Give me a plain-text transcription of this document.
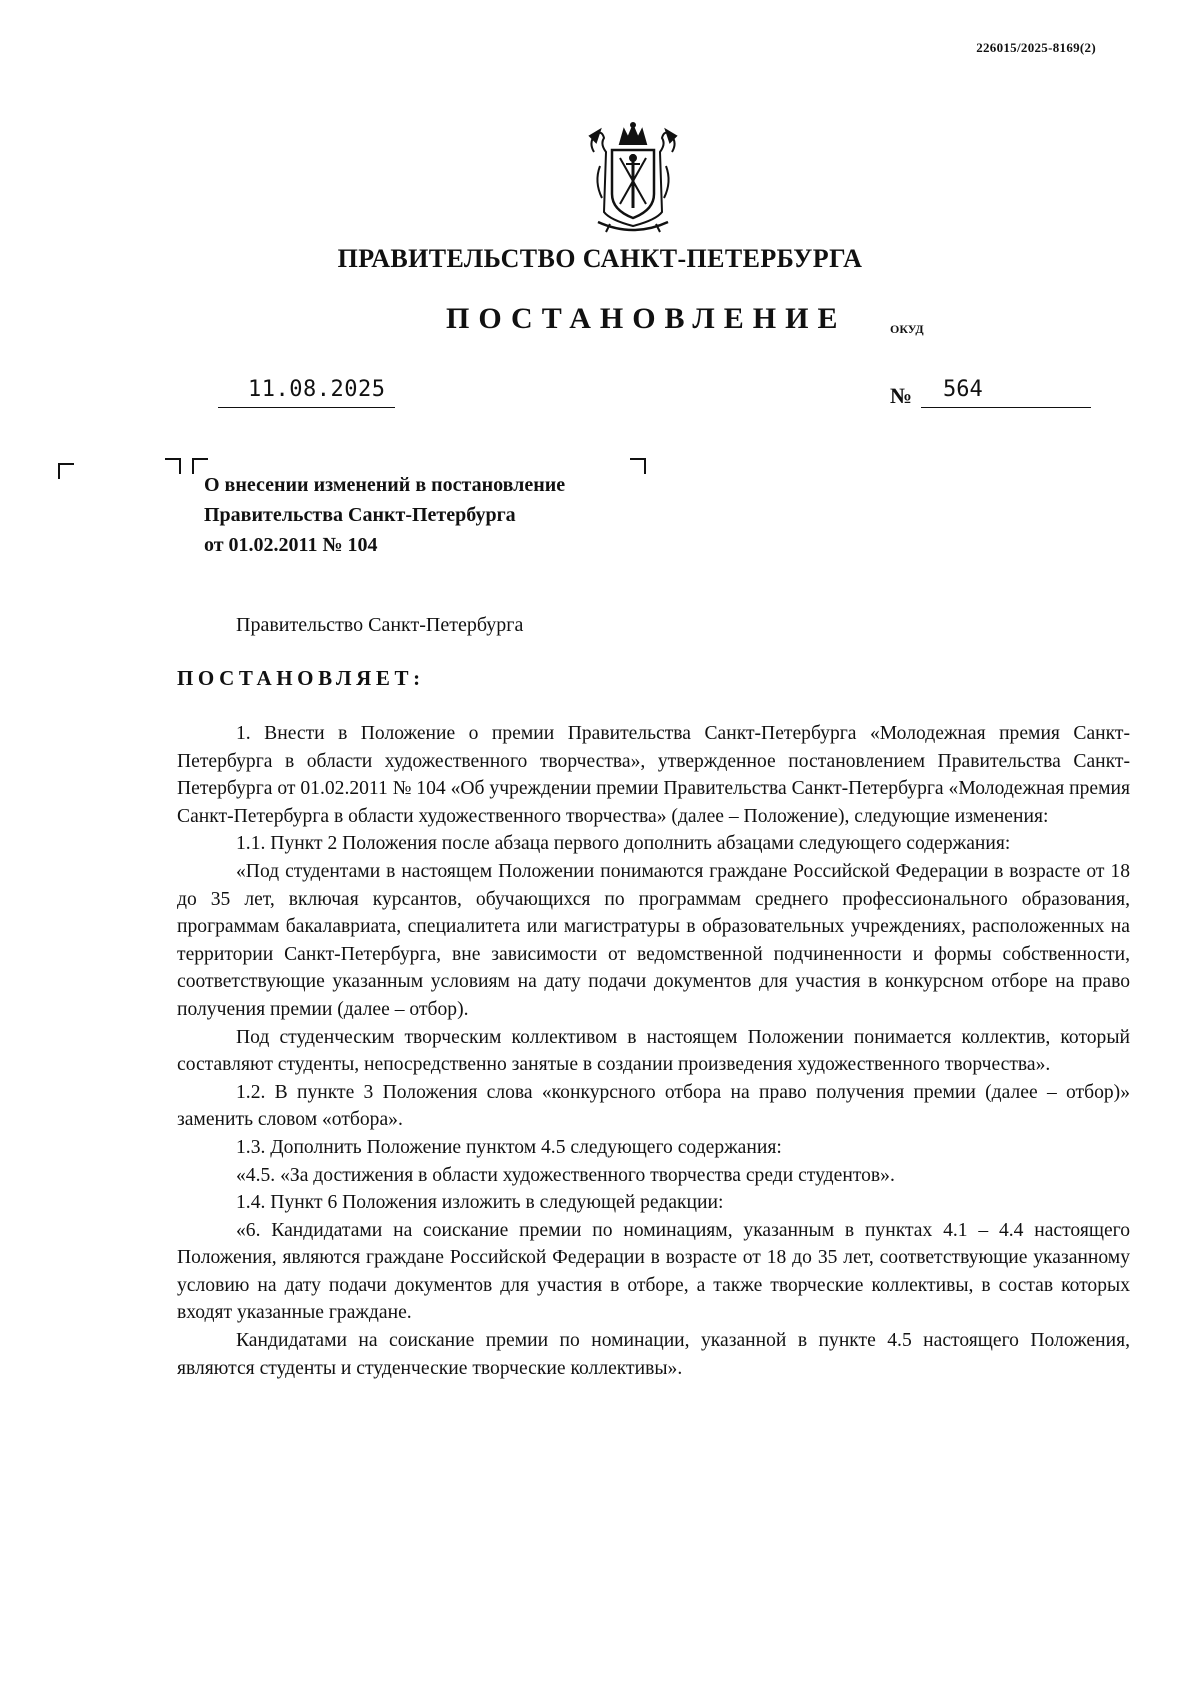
226015/2025-8169(2)
ПРАВИТЕЛЬСТВО САНКТ-ПЕТЕРБУРГА
ПОСТАНОВЛЕНИЕ	ОКУД
11.08.2025	№ 564
О внесении изменений в постановление
Правительства Санкт-Петербурга
от 01.02.2011 № 104
Правительство Санкт-Петербурга
ПОСТАНОВЛЯЕТ:

1. Внести в Положение о премии Правительства Санкт-Петербурга «Молодежная премия Санкт-Петербурга в области художественного творчества», утвержденное постановлением Правительства Санкт-Петербурга от 01.02.2011 № 104 «Об учреждении премии Правительства Санкт-Петербурга «Молодежная премия Санкт-Петербурга в области художественного творчества» (далее – Положение), следующие изменения:

1.1. Пункт 2 Положения после абзаца первого дополнить абзацами следующего содержания:

«Под студентами в настоящем Положении понимаются граждане Российской Федерации в возрасте от 18 до 35 лет, включая курсантов, обучающихся по программам среднего профессионального образования, программам бакалавриата, специалитета или магистратуры в образовательных учреждениях, расположенных на территории Санкт-Петербурга, вне зависимости от ведомственной подчиненности и формы собственности, соответствующие указанным условиям на дату подачи документов для участия в конкурсном отборе на право получения премии (далее – отбор).

Под студенческим творческим коллективом в настоящем Положении понимается коллектив, который составляют студенты, непосредственно занятые в создании произведения художественного творчества».

1.2. В пункте 3 Положения слова «конкурсного отбора на право получения премии (далее – отбор)» заменить словом «отбора».

1.3. Дополнить Положение пунктом 4.5 следующего содержания:

«4.5. «За достижения в области художественного творчества среди студентов».

1.4. Пункт 6 Положения изложить в следующей редакции:

«6. Кандидатами на соискание премии по номинациям, указанным в пунктах 4.1 – 4.4 настоящего Положения, являются граждане Российской Федерации в возрасте от 18 до 35 лет, соответствующие указанному условию на дату подачи документов для участия в отборе, а также творческие коллективы, в состав которых входят указанные граждане.

Кандидатами на соискание премии по номинации, указанной в пункте 4.5 настоящего Положения, являются студенты и студенческие творческие коллективы».
